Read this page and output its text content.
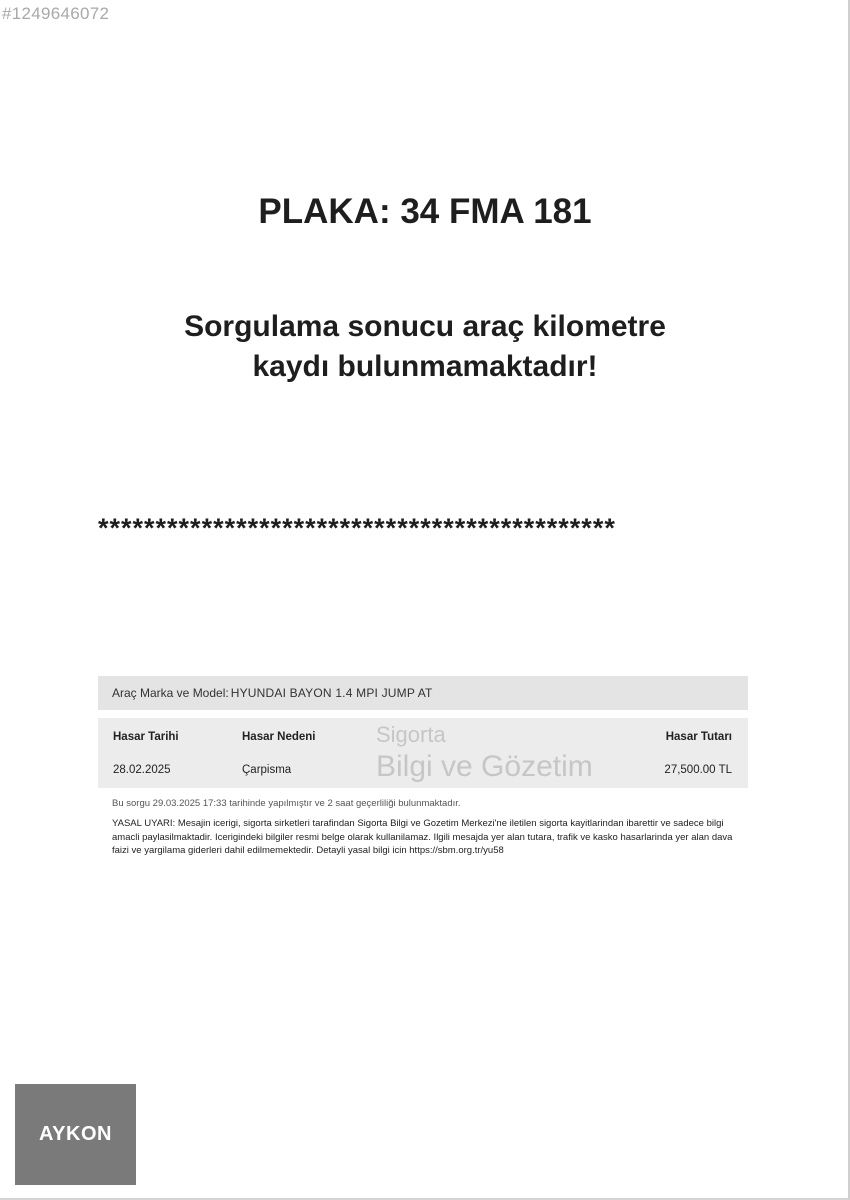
#1249646072
PLAKA: 34 FMA 181
Sorgulama sonucu araç kilometre
kaydı bulunmamaktadır!
*********************************************
Araç Marka ve Model: HYUNDAI BAYON 1.4 MPI JUMP AT
Sigorta
Bilgi ve Gözetim
Hasar Tarihi	Hasar Nedeni	Hasar Tutarı
28.02.2025	Çarpisma	27,500.00 TL
Bu sorgu 29.03.2025 17:33 tarihinde yapılmıştır ve 2 saat geçerliliği bulunmaktadır.
YASAL UYARI: Mesajin icerigi, sigorta sirketleri tarafindan Sigorta Bilgi ve Gozetim Merkezi'ne iletilen sigorta kayitlarindan ibarettir ve sadece bilgi amacli paylasilmaktadir. Icerigindeki bilgiler resmi belge olarak kullanilamaz. Ilgili mesajda yer alan tutara, trafik ve kasko hasarlarinda yer alan dava faizi ve yargilama giderleri dahil edilmemektedir. Detayli yasal bilgi icin https://sbm.org.tr/yu58
AYKON
